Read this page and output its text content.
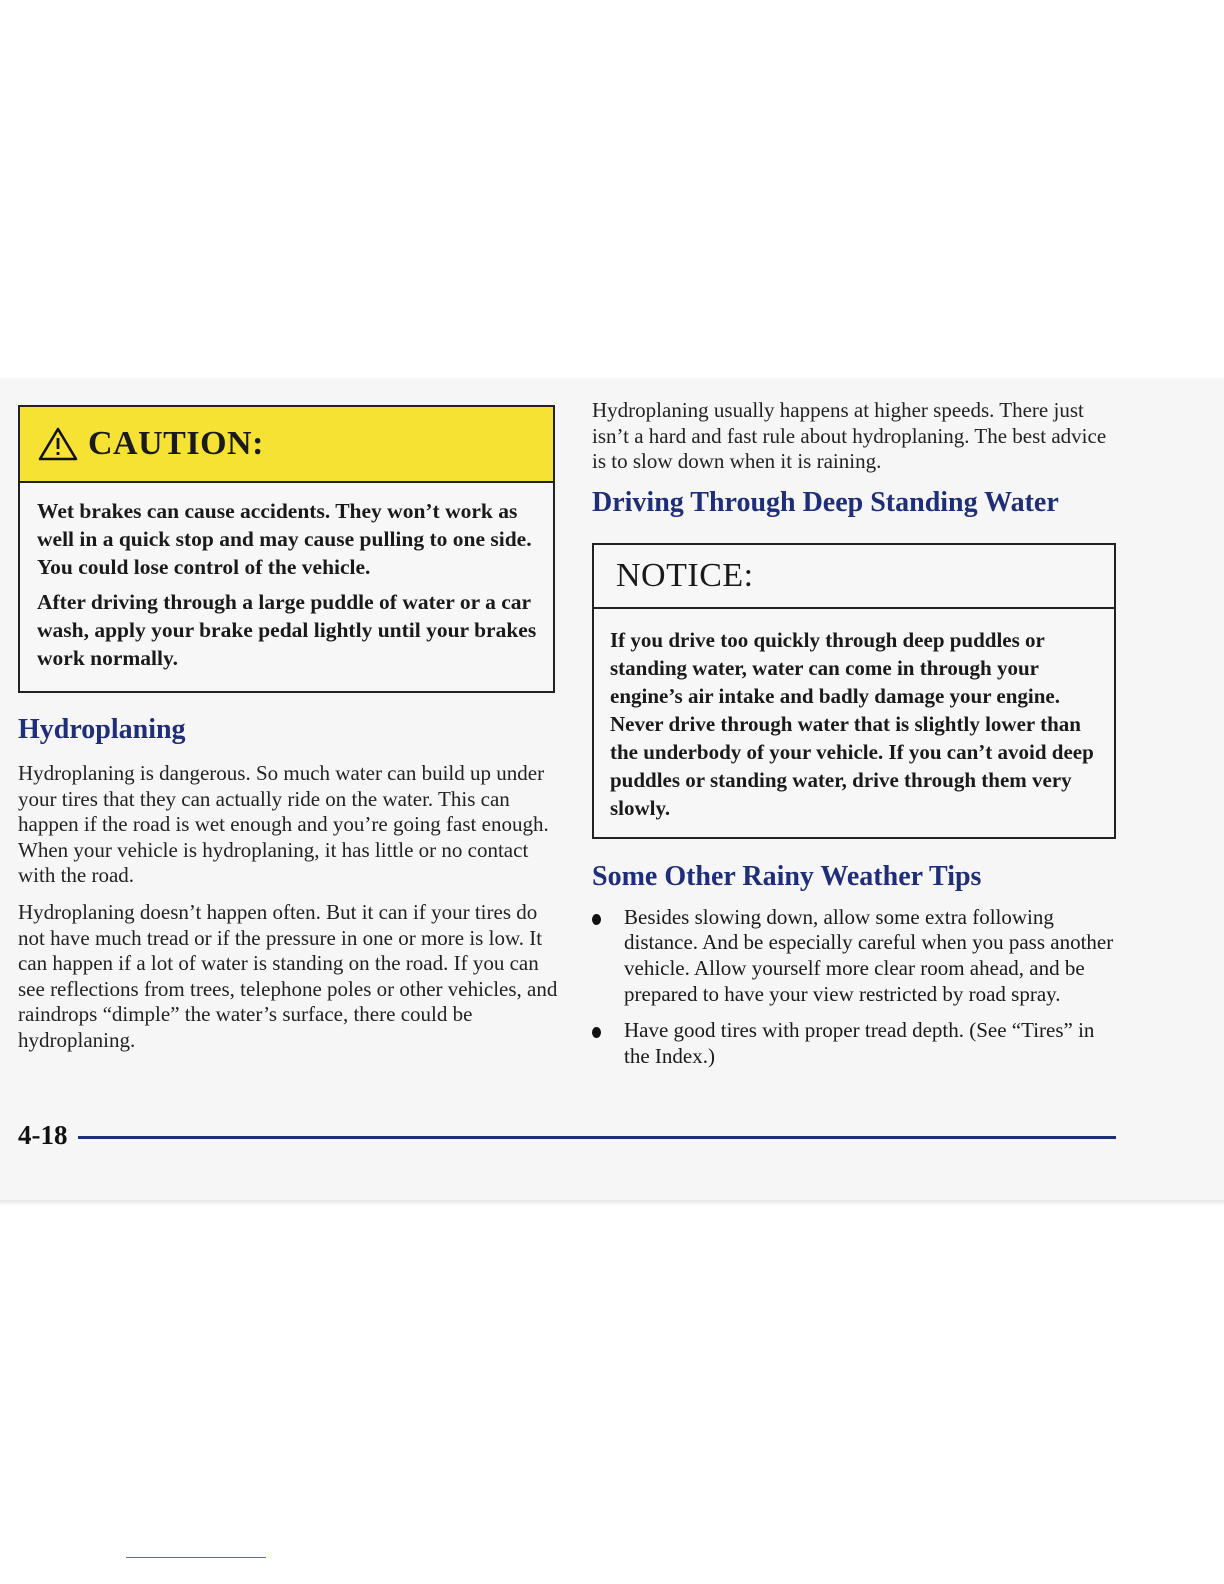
CAUTION:

Wet brakes can cause accidents. They won’t work as well in a quick stop and may cause pulling to one side. You could lose control of the vehicle.

After driving through a large puddle of water or a car wash, apply your brake pedal lightly until your brakes work normally.

Hydroplaning

Hydroplaning is dangerous. So much water can build up under your tires that they can actually ride on the water. This can happen if the road is wet enough and you’re going fast enough. When your vehicle is hydroplaning, it has little or no contact with the road.

Hydroplaning doesn’t happen often. But it can if your tires do not have much tread or if the pressure in one or more is low. It can happen if a lot of water is standing on the road. If you can see reflections from trees, telephone poles or other vehicles, and raindrops “dimple” the water’s surface, there could be hydroplaning.

Hydroplaning usually happens at higher speeds. There just isn’t a hard and fast rule about hydroplaning. The best advice is to slow down when it is raining.

Driving Through Deep Standing Water
NOTICE:
If you drive too quickly through deep puddles or standing water, water can come in through your engine’s air intake and badly damage your engine. Never drive through water that is slightly lower than the underbody of your vehicle. If you can’t avoid deep puddles or standing water, drive through them very slowly.
Some Other Rainy Weather Tips
Besides slowing down, allow some extra following distance. And be especially careful when you pass another vehicle. Allow yourself more clear room ahead, and be prepared to have your view restricted by road spray.
Have good tires with proper tread depth. (See “Tires” in the Index.)
4-18
